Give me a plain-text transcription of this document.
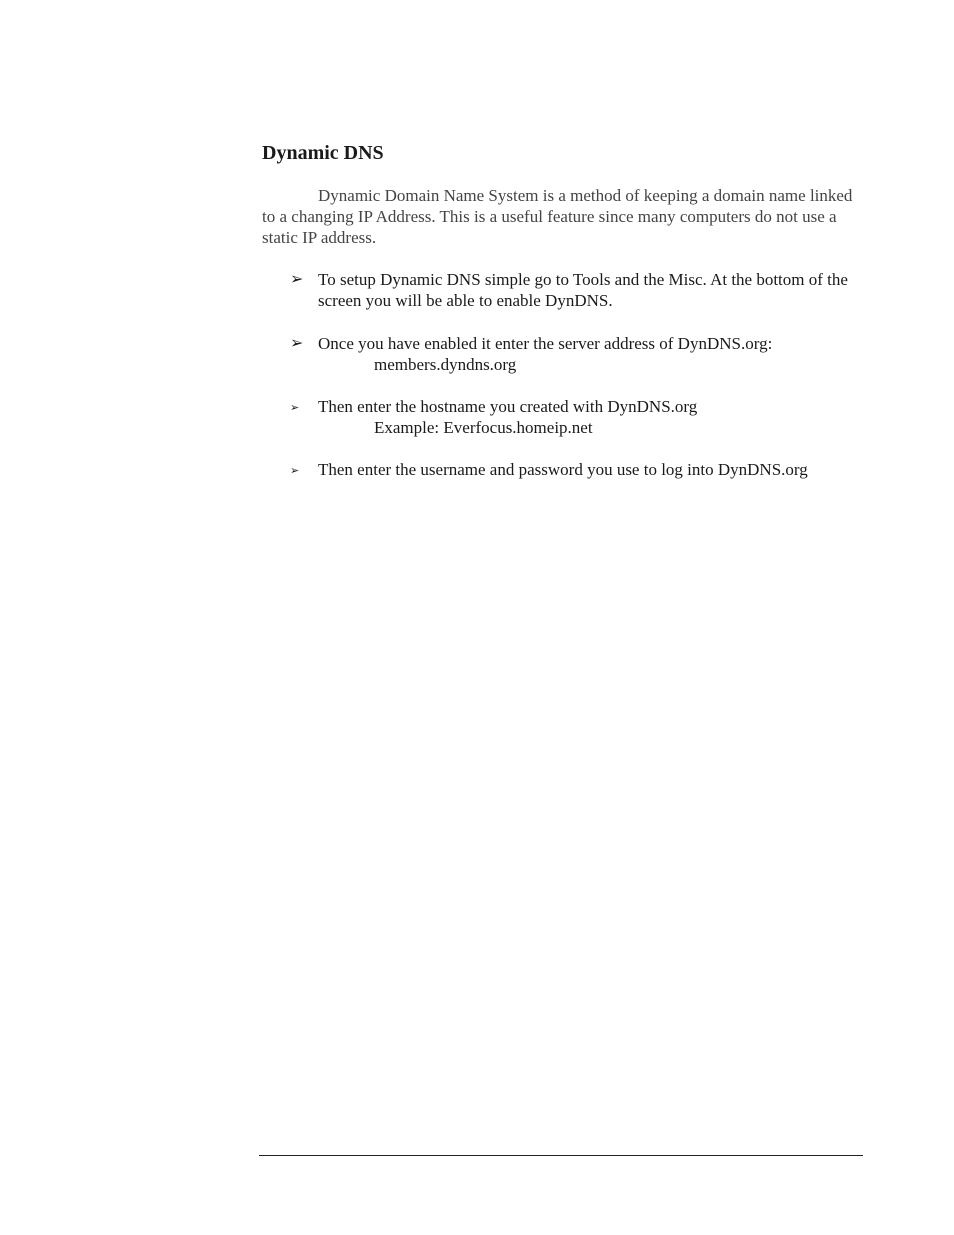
Dynamic DNS

Dynamic Domain Name System is a method of keeping a domain name linked to a changing IP Address. This is a useful feature since many computers do not use a static IP address.

➢ To setup Dynamic DNS simple go to Tools and the Misc. At the bottom of the screen you will be able to enable DynDNS.
➢ Once you have enabled it enter the server address of DynDNS.org:
members.dyndns.org
➢	Then enter the hostname you created with DynDNS.org
Example: Everfocus.homeip.net
➢	Then enter the username and password you use to log into DynDNS.org
